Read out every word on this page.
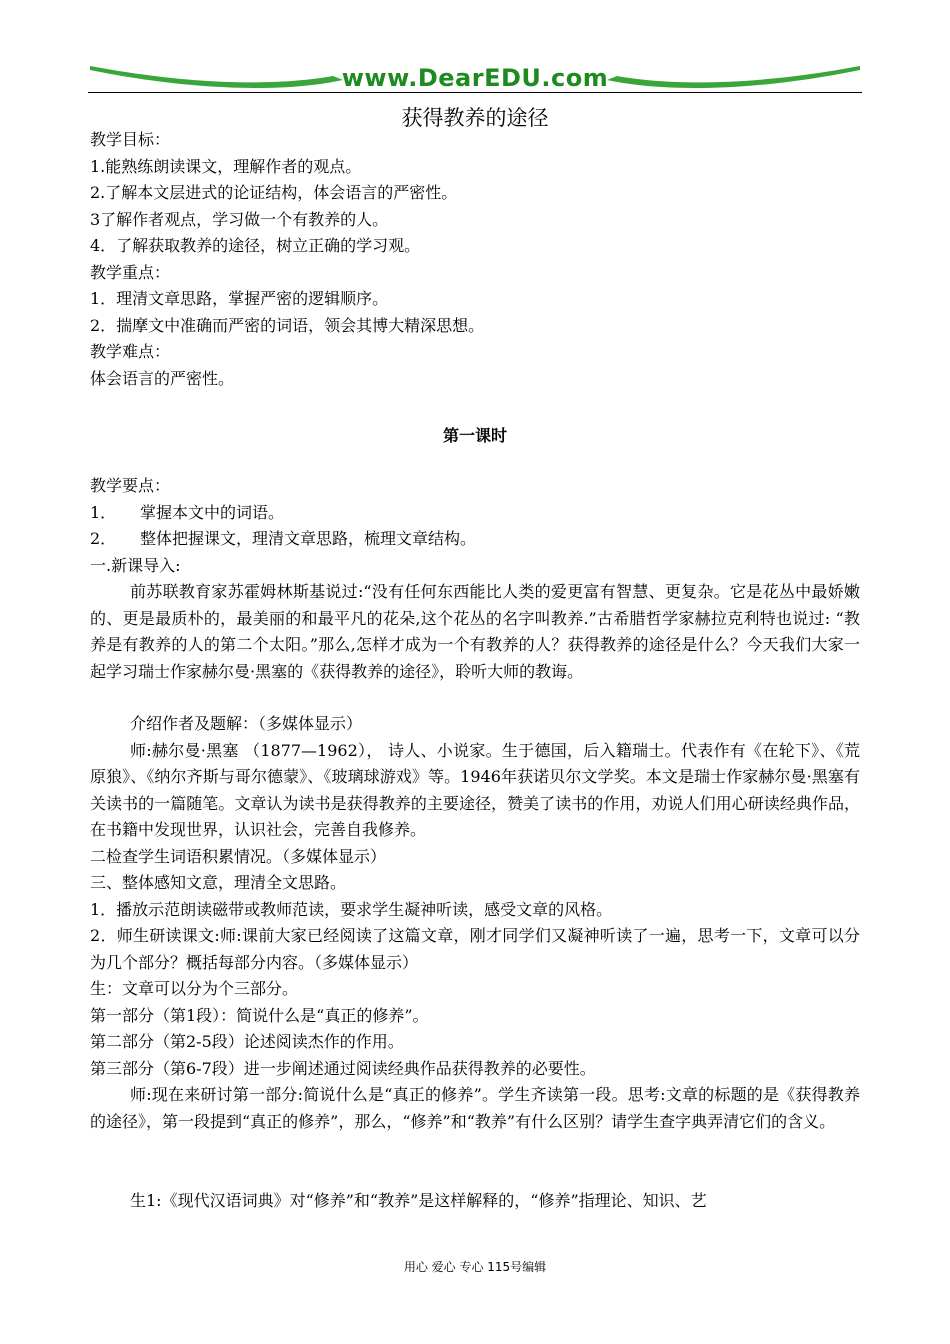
www.DearEDU.com
获得教养的途径
教学目标：
1.能熟练朗读课文，理解作者的观点。
2.了解本文层进式的论证结构，体会语言的严密性。
3了解作者观点，学习做一个有教养的人。
4．了解获取教养的途径，树立正确的学习观。
教学重点：
1．理清文章思路，掌握严密的逻辑顺序。
2．揣摩文中准确而严密的词语，领会其博大精深思想。
教学难点：
体会语言的严密性。
第一课时
教学要点：
1． 掌握本文中的词语。
2． 整体把握课文，理清文章思路，梳理文章结构。
一.新课导入:
前苏联教育家苏霍姆林斯基说过:“没有任何东西能比人类的爱更富有智慧、更复杂。它是花丛中最娇嫩的、更是最质朴的，最美丽的和最平凡的花朵,这个花丛的名字叫教养.”古希腊哲学家赫拉克利特也说过: “教养是有教养的人的第二个太阳。”那么,怎样才成为一个有教养的人？获得教养的途径是什么？今天我们大家一起学习瑞士作家赫尔曼·黑塞的《获得教养的途径》，聆听大师的教诲。
介绍作者及题解：（多媒体显示）
师:赫尔曼·黑塞 （1877—1962）， 诗人、小说家。生于德国，后入籍瑞士。代表作有《在轮下》、《荒原狼》、《纳尔齐斯与哥尔德蒙》、《玻璃球游戏》等。1946年获诺贝尔文学奖。本文是瑞士作家赫尔曼·黑塞有关读书的一篇随笔。文章认为读书是获得教养的主要途径，赞美了读书的作用，劝说人们用心研读经典作品，在书籍中发现世界，认识社会，完善自我修养。
二检查学生词语积累情况。（多媒体显示）
三、整体感知文意，理清全文思路。
1．播放示范朗读磁带或教师范读，要求学生凝神听读，感受文章的风格。
2．师生研读课文:师:课前大家已经阅读了这篇文章，刚才同学们又凝神听读了一遍，思考一下，文章可以分为几个部分？概括每部分内容。（多媒体显示）
生：文章可以分为个三部分。
第一部分（第1段）：简说什么是“真正的修养”。
第二部分（第2-5段）论述阅读杰作的作用。
第三部分（第6-7段）进一步阐述通过阅读经典作品获得教养的必要性。
师:现在来研讨第一部分:简说什么是“真正的修养”。学生齐读第一段。思考:文章的标题的是《获得教养的途径》，第一段提到“真正的修养”，那么，“修养”和“教养”有什么区别？请学生查字典弄清它们的含义。
生1:《现代汉语词典》对“修养”和“教养”是这样解释的，“修养”指理论、知识、艺
用心 爱心 专心 115号编辑
